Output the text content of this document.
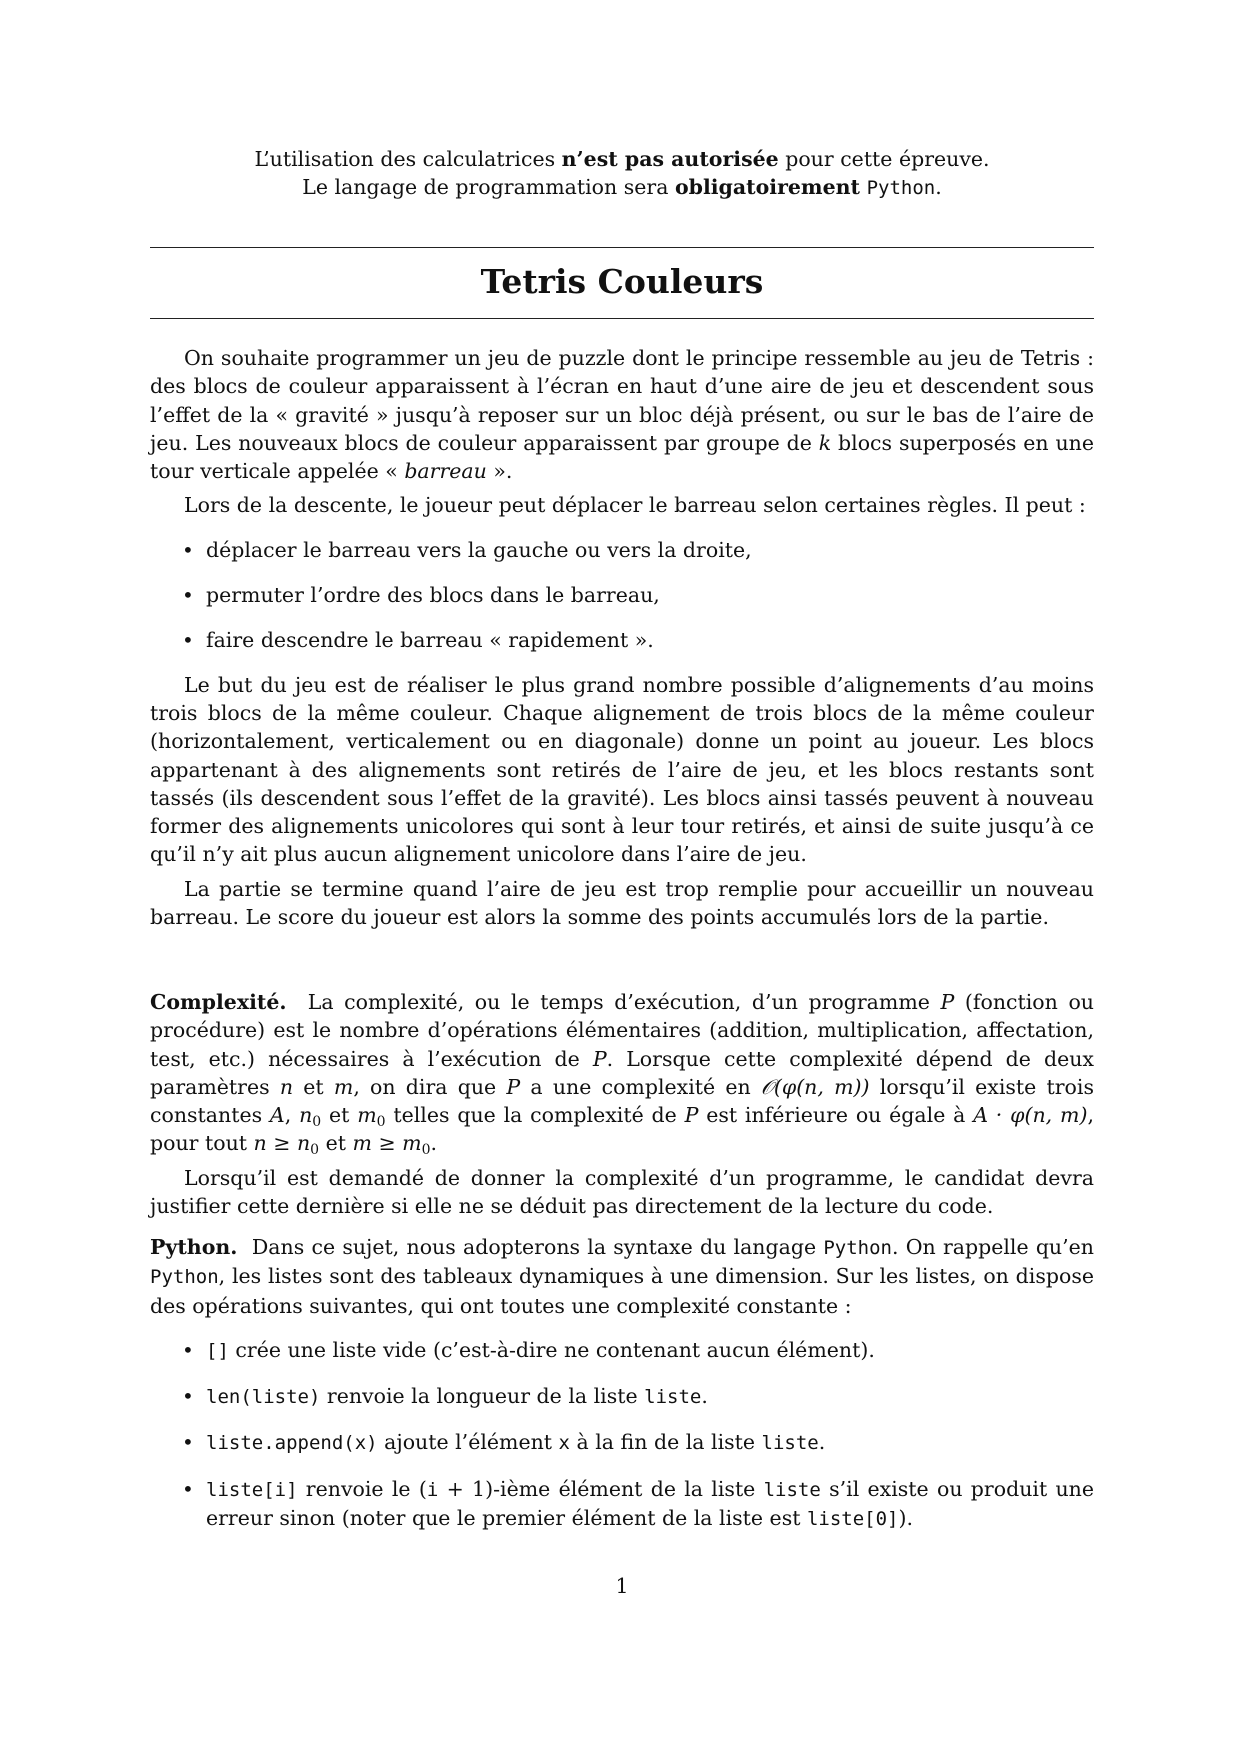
L’utilisation des calculatrices n’est pas autorisée pour cette épreuve.
Le langage de programmation sera obligatoirement Python.
Tetris Couleurs

On souhaite programmer un jeu de puzzle dont le principe ressemble au jeu de Tetris : des blocs de couleur apparaissent à l’écran en haut d’une aire de jeu et descendent sous l’effet de la « gravité » jusqu’à reposer sur un bloc déjà présent, ou sur le bas de l’aire de jeu. Les nouveaux blocs de couleur apparaissent par groupe de k blocs superposés en une tour verticale appelée « barreau ».

Lors de la descente, le joueur peut déplacer le barreau selon certaines règles. Il peut :

• déplacer le barreau vers la gauche ou vers la droite,
• permuter l’ordre des blocs dans le barreau,
• faire descendre le barreau « rapidement ».

Le but du jeu est de réaliser le plus grand nombre possible d’alignements d’au moins trois blocs de la même couleur. Chaque alignement de trois blocs de la même couleur (horizontalement, verticalement ou en diagonale) donne un point au joueur. Les blocs appartenant à des alignements sont retirés de l’aire de jeu, et les blocs restants sont tassés (ils descendent sous l’effet de la gravité). Les blocs ainsi tassés peuvent à nouveau former des alignements unicolores qui sont à leur tour retirés, et ainsi de suite jusqu’à ce qu’il n’y ait plus aucun alignement unicolore dans l’aire de jeu.

La partie se termine quand l’aire de jeu est trop remplie pour accueillir un nouveau barreau. Le score du joueur est alors la somme des points accumulés lors de la partie.

Complexité. La complexité, ou le temps d’exécution, d’un programme P (fonction ou procédure) est le nombre d’opérations élémentaires (addition, multiplication, affectation, test, etc.) nécessaires à l’exécution de P. Lorsque cette complexité dépend de deux paramètres n et m, on dira que P a une complexité en 𝒪(φ(n, m)) lorsqu’il existe trois constantes A, $n_0$ et $m_0$ telles que la complexité de P est inférieure ou égale à A · φ(n, m), pour tout $n \ge n_0$ et $m \ge m_0$.

Lorsqu’il est demandé de donner la complexité d’un programme, le candidat devra justifier cette dernière si elle ne se déduit pas directement de la lecture du code.

Python. Dans ce sujet, nous adopterons la syntaxe du langage Python. On rappelle qu’en Python, les listes sont des tableaux dynamiques à une dimension. Sur les listes, on dispose des opérations suivantes, qui ont toutes une complexité constante :

• [] crée une liste vide (c’est-à-dire ne contenant aucun élément).
• len(liste) renvoie la longueur de la liste liste.
• liste.append(x) ajoute l’élément x à la fin de la liste liste.
• liste[i] renvoie le (i + 1)-ième élément de la liste liste s’il existe ou produit une erreur sinon (noter que le premier élément de la liste est liste[0]).
1
